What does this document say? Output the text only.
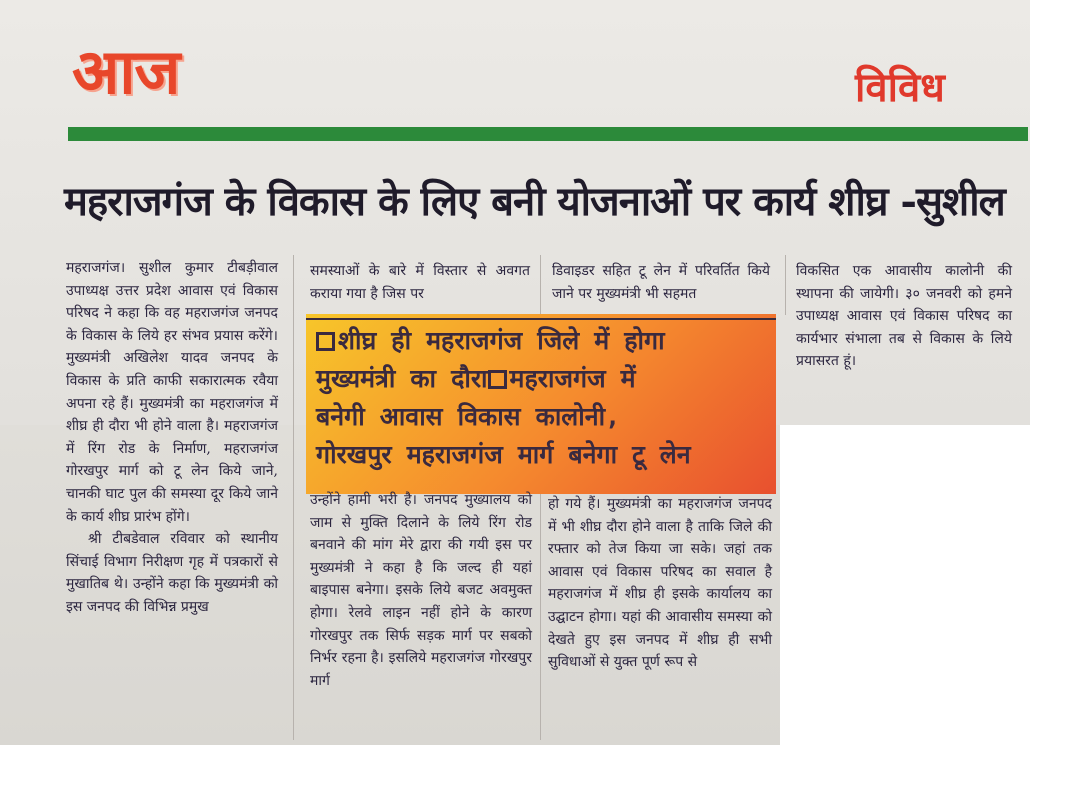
आज	विविध
महराजगंज के विकास के लिए बनी योजनाओं पर कार्य शीघ्र -सुशील

महराजगंज। सुशील कुमार टीबड़ीवाल उपाध्यक्ष उत्तर प्रदेश आवास एवं विकास परिषद ने कहा कि वह महराजगंज जनपद के विकास के लिये हर संभव प्रयास करेंगे। मुख्यमंत्री अखिलेश यादव जनपद के विकास के प्रति काफी सकारात्मक रवैया अपना रहे हैं। मुख्यमंत्री का महराजगंज में शीघ्र ही दौरा भी होने वाला है। महराजगंज में रिंग रोड के निर्माण, महराजगंज गोरखपुर मार्ग को टू लेन किये जाने, चानकी घाट पुल की समस्या दूर किये जाने के कार्य शीघ्र प्रारंभ होंगे।

श्री टीबडेवाल रविवार को स्थानीय सिंचाई विभाग निरीक्षण गृह में पत्रकारों से मुखातिब थे। उन्होंने कहा कि मुख्यमंत्री को इस जनपद की विभिन्न प्रमुख

समस्याओं के बारे में विस्तार से अवगत कराया गया है जिस पर
डिवाइडर सहित टू लेन में परिवर्तित किये जाने पर मुख्यमंत्री भी सहमत
विकसित एक आवासीय कालोनी की स्थापना की जायेगी। ३० जनवरी को हमने उपाध्यक्ष आवास एवं विकास परिषद का कार्यभार संभाला तब से विकास के लिये प्रयासरत हूं।
शीघ्र ही महराजगंज जिले में होगा
मुख्यमंत्री का दौरा महराजगंज में
बनेगी आवास विकास कालोनी,
गोरखपुर महराजगंज मार्ग बनेगा टू लेन
उन्होंने हामी भरी है। जनपद मुख्यालय को जाम से मुक्ति दिलाने के लिये रिंग रोड बनवाने की मांग मेरे द्वारा की गयी इस पर मुख्यमंत्री ने कहा है कि जल्द ही यहां बाइपास बनेगा। इसके लिये बजट अवमुक्त होगा। रेलवे लाइन नहीं होने के कारण गोरखपुर तक सिर्फ सड़क मार्ग पर सबको निर्भर रहना है। इसलिये महराजगंज गोरखपुर मार्ग
हो गये हैं। मुख्यमंत्री का महराजगंज जनपद में भी शीघ्र दौरा होने वाला है ताकि जिले की रफ्तार को तेज किया जा सके। जहां तक आवास एवं विकास परिषद का सवाल है महराजगंज में शीघ्र ही इसके कार्यालय का उद्घाटन होगा। यहां की आवासीय समस्या को देखते हुए इस जनपद में शीघ्र ही सभी सुविधाओं से युक्त पूर्ण रूप से
